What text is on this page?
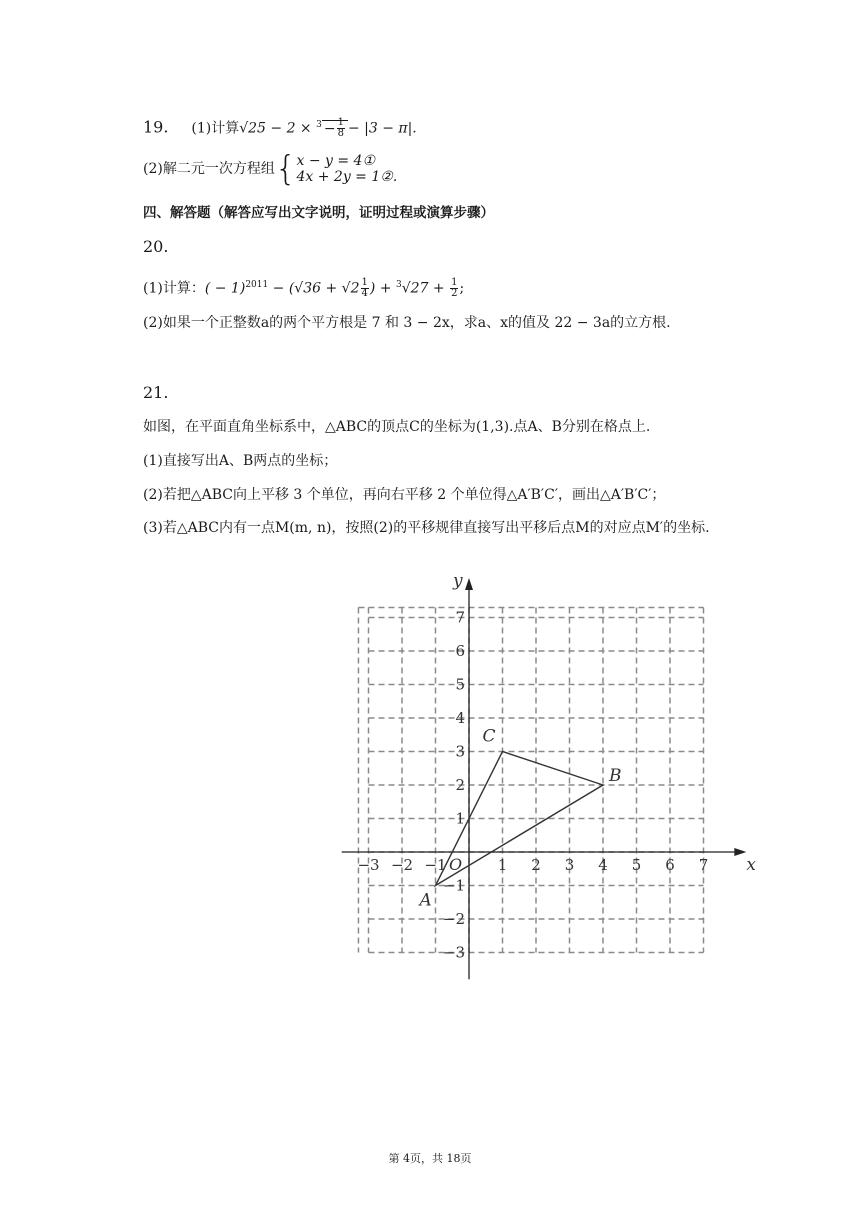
19. (1)计算$√25 - 2 \times ^3 - \frac{1}{8} - |3 - \pi|$.
(2)解二元一次方程组{ x − y = 4①
4x + 2y = 1②.
四、解答题（解答应写出文字说明，证明过程或演算步骤）
20.
(1)计算：( − $1)^{2011} - (√36 + √2 \frac{1}{4}$ ) + $^3√27 + \frac{1}{2}$ ;
(2)如果一个正整数a的两个平方根是 7 和 3 − 2x，求a、x的值及 22 − 3a的立方根.
21.
如图，在平面直角坐标系中，△ABC的顶点C的坐标为(1,3).点A、B分别在格点上.
(1)直接写出A、B两点的坐标；
(2)若把△ABC向上平移 3 个单位，再向右平移 2 个单位得△A′B′C′，画出△A′B′C′；
(3)若△ABC内有一点M(m, n)，按照(2)的平移规律直接写出平移后点M的对应点M′的坐标.
x
y
O
−3 −2 −1	1 2 3 4 5 6 7
7
6
5
4
3
2
1
−1
−2
−3
A
B
C
第 4页，共 18页
